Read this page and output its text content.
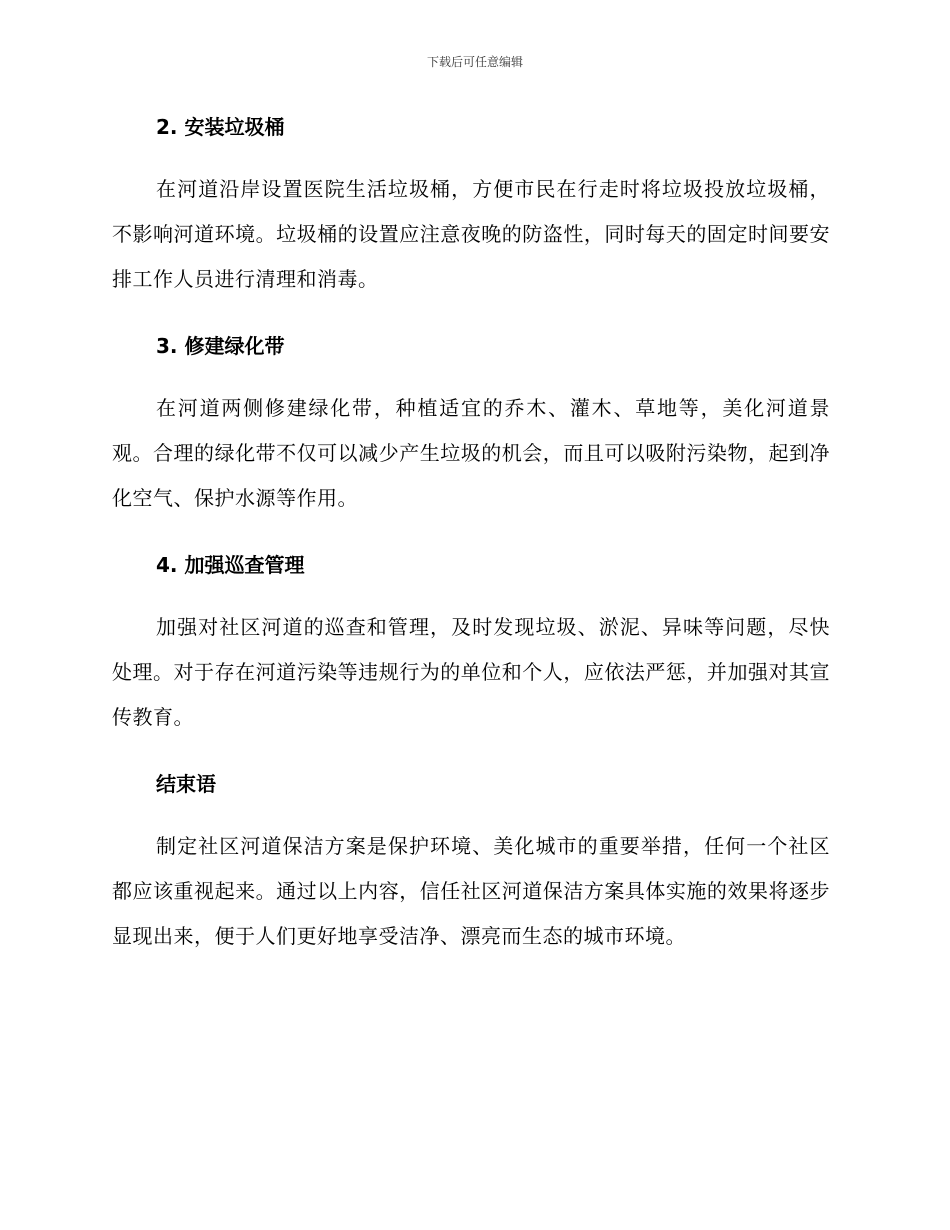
下载后可任意编辑
2. 安装垃圾桶

在河道沿岸设置医院生活垃圾桶，方便市民在行走时将垃圾投放垃圾桶，不影响河道环境。垃圾桶的设置应注意夜晚的防盗性，同时每天的固定时间要安排工作人员进行清理和消毒。

3. 修建绿化带

在河道两侧修建绿化带，种植适宜的乔木、灌木、草地等，美化河道景观。合理的绿化带不仅可以减少产生垃圾的机会，而且可以吸附污染物，起到净化空气、保护水源等作用。

4. 加强巡查管理

加强对社区河道的巡查和管理，及时发现垃圾、淤泥、异味等问题，尽快处理。对于存在河道污染等违规行为的单位和个人，应依法严惩，并加强对其宣传教育。

结束语

制定社区河道保洁方案是保护环境、美化城市的重要举措，任何一个社区都应该重视起来。通过以上内容，信任社区河道保洁方案具体实施的效果将逐步显现出来，便于人们更好地享受洁净、漂亮而生态的城市环境。
